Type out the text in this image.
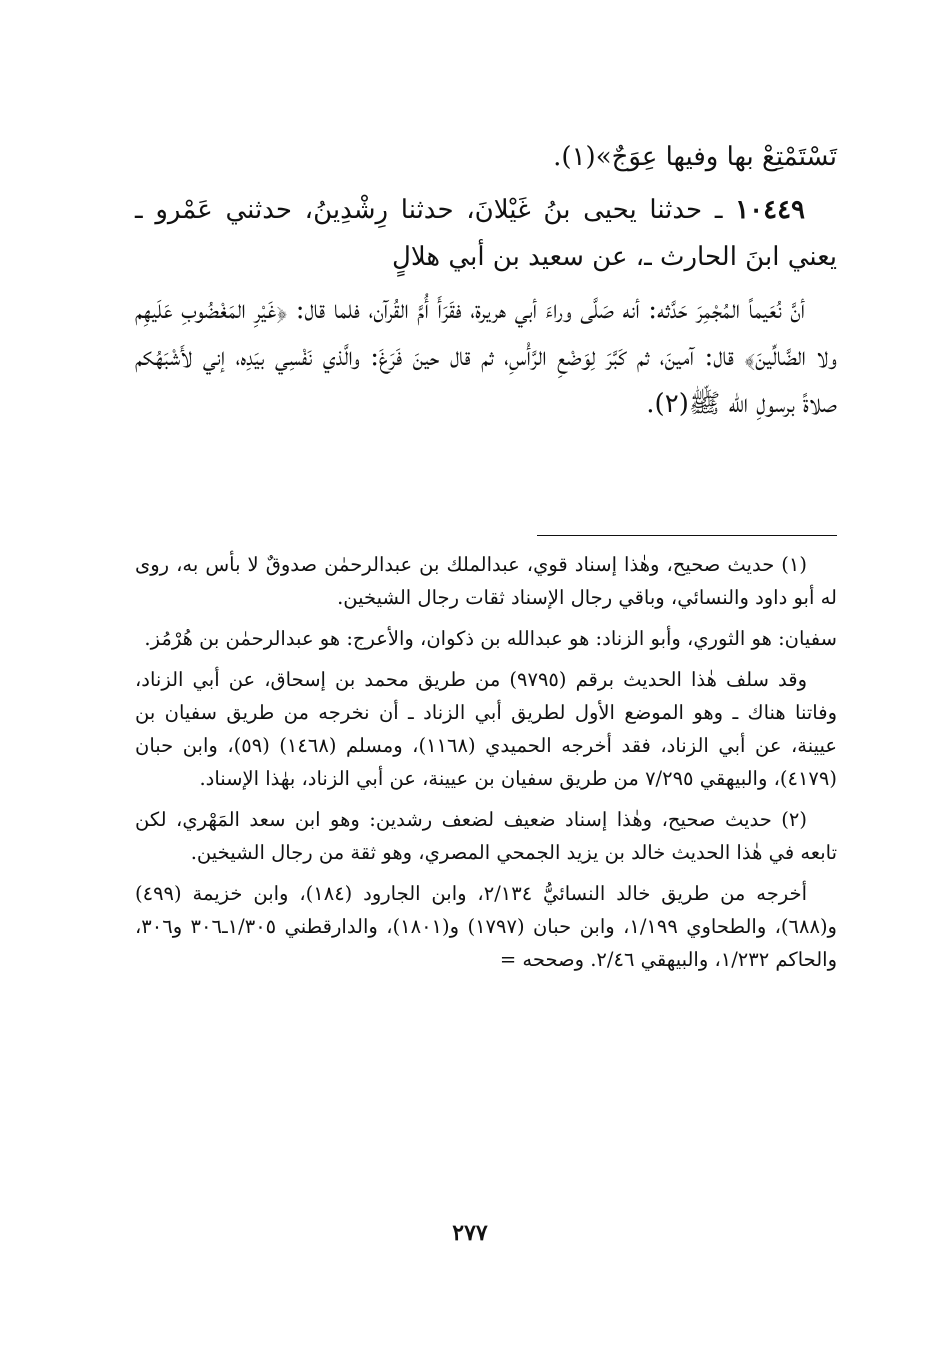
تَسْتَمْتِعْ بها وفيها عِوَجٌ»(١).

١٠٤٤٩ ـ حدثنا يحيى بنُ غَيْلانَ، حدثنا رِشْدِينُ، حدثني عَمْرو ـ يعني ابنَ الحارث ـ، عن سعيد بن أبي هلالٍ

أنَّ نُعَيماً المُجْمِرَ حَدَّثه: أنه صَلَّى وراءَ أبي هريرة، فقَرَأَ أُمَّ القُرآن، فلما قال: ﴿غَيْرِ المَغْضُوبِ عَلَيهِم ولا الضَّالِّينَ﴾ قال: آمينَ، ثم كَبَّرَ لِوَضْعِ الرَّأْسِ، ثم قال حينَ فَرَغَ: والَّذي نَفْسِي بيَدِه، إني لأَشْبَهُكم صلاةً برسولِ الله ﷺ(٢).

(١) حديث صحيح، وهٰذا إسناد قوي، عبدالملك بن عبدالرحمٰن صدوقٌ لا بأس به، روى له أبو داود والنسائي، وباقي رجال الإسناد ثقات رجال الشيخين.

سفيان: هو الثوري، وأبو الزناد: هو عبدالله بن ذكوان، والأعرج: هو عبدالرحمٰن بن هُرْمُز.

وقد سلف هٰذا الحديث برقم (٩٧٩٥) من طريق محمد بن إسحاق، عن أبي الزناد، وفاتنا هناك ـ وهو الموضع الأول لطريق أبي الزناد ـ أن نخرجه من طريق سفيان بن عيينة، عن أبي الزناد، فقد أخرجه الحميدي (١١٦٨)، ومسلم (١٤٦٨) (٥٩)، وابن حبان (٤١٧٩)، والبيهقي ٧/٢٩٥ من طريق سفيان بن عيينة، عن أبي الزناد، بهٰذا الإسناد.

(٢) حديث صحيح، وهٰذا إسناد ضعيف لضعف رشدين: وهو ابن سعد المَهْري، لكن تابعه في هٰذا الحديث خالد بن يزيد الجمحي المصري، وهو ثقة من رجال الشيخين.

أخرجه من طريق خالد النسائيُّ ٢/١٣٤، وابن الجارود (١٨٤)، وابن خزيمة (٤٩٩) و(٦٨٨)، والطحاوي ١/١٩٩، وابن حبان (١٧٩٧) و(١٨٠١)، والدارقطني ١/٣٠٥ـ٣٠٦ و٣٠٦، والحاكم ١/٢٣٢، والبيهقي ٢/٤٦. وصححه =

٢٧٧
